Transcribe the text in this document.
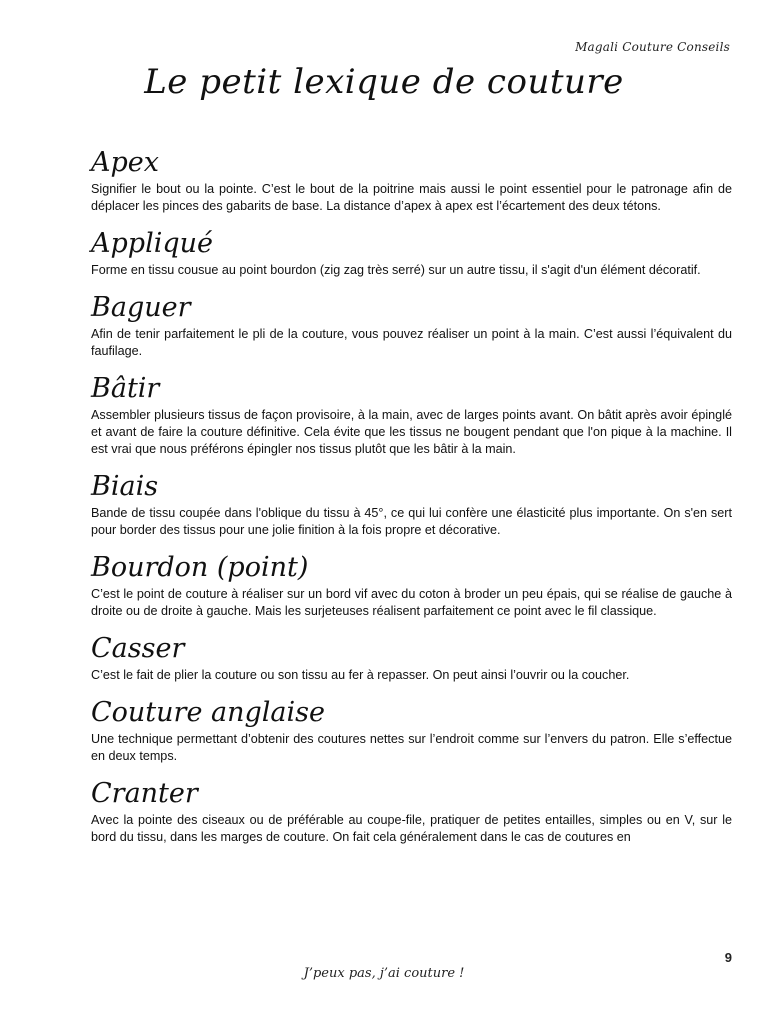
Magali Couture Conseils
Le petit lexique de couture
Apex

Signifier le bout ou la pointe. C’est le bout de la poitrine mais aussi le point essentiel pour le patronage afin de déplacer les pinces des gabarits de base. La distance d’apex à apex est l’écartement des deux tétons.

Appliqué

Forme en tissu cousue au point bourdon (zig zag très serré) sur un autre tissu, il s'agit d'un élément décoratif.

Baguer

Afin de tenir parfaitement le pli de la couture, vous pouvez réaliser un point à la main. C’est aussi l’équivalent du faufilage.

Bâtir

Assembler plusieurs tissus de façon provisoire, à la main, avec de larges points avant. On bâtit après avoir épinglé et avant de faire la couture définitive. Cela évite que les tissus ne bougent pendant que l'on pique à la machine. Il est vrai que nous préférons épingler nos tissus plutôt que les bâtir à la main.

Biais

Bande de tissu coupée dans l'oblique du tissu à 45°, ce qui lui confère une élasticité plus importante. On s'en sert pour border des tissus pour une jolie finition à la fois propre et décorative.

Bourdon (point)

C’est le point de couture à réaliser sur un bord vif avec du coton à broder un peu épais, qui se réalise de gauche à droite ou de droite à gauche. Mais les surjeteuses réalisent parfaitement ce point avec le fil classique.

Casser

C’est le fait de plier la couture ou son tissu au fer à repasser. On peut ainsi l’ouvrir ou la coucher.

Couture anglaise

Une technique permettant d’obtenir des coutures nettes sur l’endroit comme sur l’envers du patron. Elle s’effectue en deux temps.

Cranter

Avec la pointe des ciseaux ou de préférable au coupe-file, pratiquer de petites entailles, simples ou en V, sur le bord du tissu, dans les marges de couture. On fait cela généralement dans le cas de coutures en

9
J’peux pas, j’ai couture !
